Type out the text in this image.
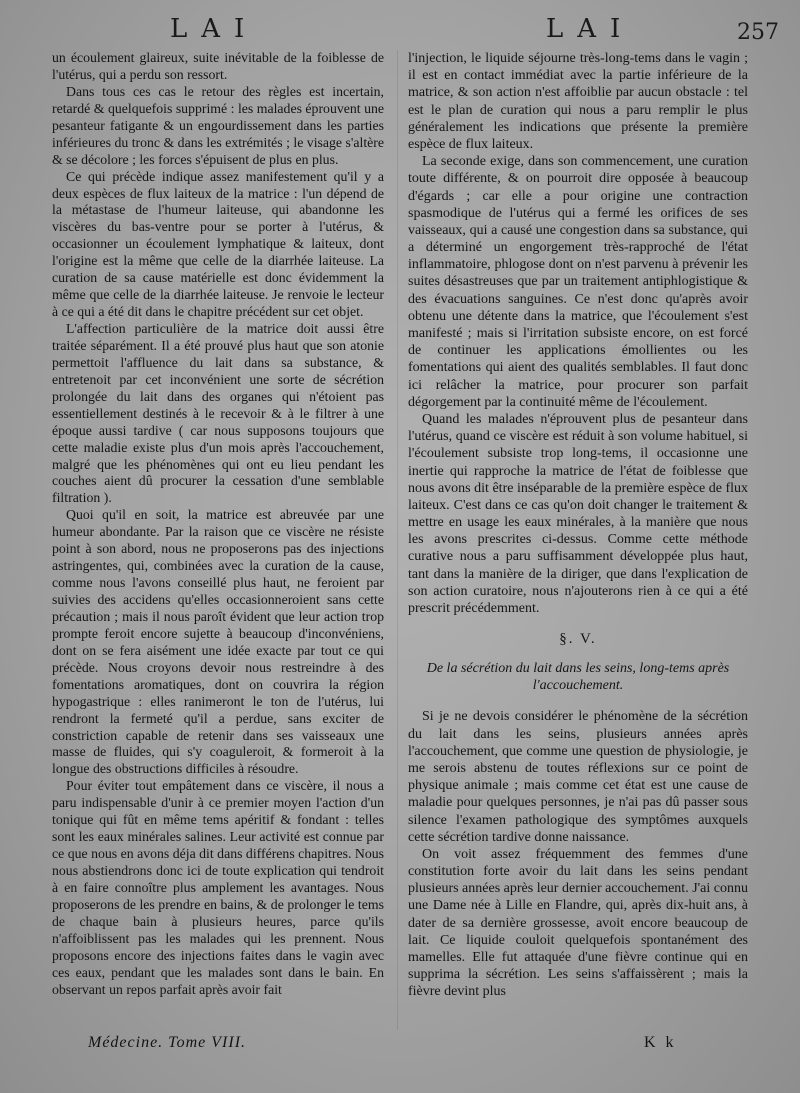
LAI	LAI	257

un écoulement glaireux, suite inévitable de la foiblesse de l'utérus, qui a perdu son ressort.

Dans tous ces cas le retour des règles est incertain, retardé & quelquefois supprimé : les malades éprouvent une pesanteur fatigante & un engourdissement dans les parties inférieures du tronc & dans les extrémités ; le visage s'altère & se décolore ; les forces s'épuisent de plus en plus.

Ce qui précède indique assez manifestement qu'il y a deux espèces de flux laiteux de la matrice : l'un dépend de la métastase de l'humeur laiteuse, qui abandonne les viscères du bas-ventre pour se porter à l'utérus, & occasionner un écoulement lymphatique & laiteux, dont l'origine est la même que celle de la diarrhée laiteuse. La curation de sa cause matérielle est donc évidemment la même que celle de la diarrhée laiteuse. Je renvoie le lecteur à ce qui a été dit dans le chapitre précédent sur cet objet.

L'affection particulière de la matrice doit aussi être traitée séparément. Il a été prouvé plus haut que son atonie permettoit l'affluence du lait dans sa substance, & entretenoit par cet inconvénient une sorte de sécrétion prolongée du lait dans des organes qui n'étoient pas essentiellement destinés à le recevoir & à le filtrer à une époque aussi tardive ( car nous supposons toujours que cette maladie existe plus d'un mois après l'accouchement, malgré que les phénomènes qui ont eu lieu pendant les couches aient dû procurer la cessation d'une semblable filtration ).

Quoi qu'il en soit, la matrice est abreuvée par une humeur abondante. Par la raison que ce viscère ne résiste point à son abord, nous ne proposerons pas des injections astringentes, qui, combinées avec la curation de la cause, comme nous l'avons conseillé plus haut, ne feroient par suivies des accidens qu'elles occasionneroient sans cette précaution ; mais il nous paroît évident que leur action trop prompte feroit encore sujette à beaucoup d'inconvéniens, dont on se fera aisément une idée exacte par tout ce qui précède. Nous croyons devoir nous restreindre à des fomentations aromatiques, dont on couvrira la région hypogastrique : elles ranimeront le ton de l'utérus, lui rendront la fermeté qu'il a perdue, sans exciter de constriction capable de retenir dans ses vaisseaux une masse de fluides, qui s'y coaguleroit, & formeroit à la longue des obstructions difficiles à résoudre.

Pour éviter tout empâtement dans ce viscère, il nous a paru indispensable d'unir à ce premier moyen l'action d'un tonique qui fût en même tems apéritif & fondant : telles sont les eaux minérales salines. Leur activité est connue par ce que nous en avons déja dit dans différens chapitres. Nous nous abstiendrons donc ici de toute explication qui tendroit à en faire connoître plus amplement les avantages. Nous proposerons de les prendre en bains, & de prolonger le tems de chaque bain à plusieurs heures, parce qu'ils n'affoiblissent pas les malades qui les prennent. Nous proposons encore des injections faites dans le vagin avec ces eaux, pendant que les malades sont dans le bain. En observant un repos parfait après avoir fait

l'injection, le liquide séjourne très-long-tems dans le vagin ; il est en contact immédiat avec la partie inférieure de la matrice, & son action n'est affoiblie par aucun obstacle : tel est le plan de curation qui nous a paru remplir le plus généralement les indications que présente la première espèce de flux laiteux.

La seconde exige, dans son commencement, une curation toute différente, & on pourroit dire opposée à beaucoup d'égards ; car elle a pour origine une contraction spasmodique de l'utérus qui a fermé les orifices de ses vaisseaux, qui a causé une congestion dans sa substance, qui a déterminé un engorgement très-rapproché de l'état inflammatoire, phlogose dont on n'est parvenu à prévenir les suites désastreuses que par un traitement antiphlogistique & des évacuations sanguines. Ce n'est donc qu'après avoir obtenu une détente dans la matrice, que l'écoulement s'est manifesté ; mais si l'irritation subsiste encore, on est forcé de continuer les applications émollientes ou les fomentations qui aient des qualités semblables. Il faut donc ici relâcher la matrice, pour procurer son parfait dégorgement par la continuité même de l'écoulement.

Quand les malades n'éprouvent plus de pesanteur dans l'utérus, quand ce viscère est réduit à son volume habituel, si l'écoulement subsiste trop long-tems, il occasionne une inertie qui rapproche la matrice de l'état de foiblesse que nous avons dit être inséparable de la première espèce de flux laiteux. C'est dans ce cas qu'on doit changer le traitement & mettre en usage les eaux minérales, à la manière que nous les avons prescrites ci-dessus. Comme cette méthode curative nous a paru suffisamment développée plus haut, tant dans la manière de la diriger, que dans l'explication de son action curatoire, nous n'ajouterons rien à ce qui a été prescrit précédemment.

§. V.
De la sécrétion du lait dans les seins, long-tems après l'accouchement.

Si je ne devois considérer le phénomène de la sécrétion du lait dans les seins, plusieurs années après l'accouchement, que comme une question de physiologie, je me serois abstenu de toutes réflexions sur ce point de physique animale ; mais comme cet état est une cause de maladie pour quelques personnes, je n'ai pas dû passer sous silence l'examen pathologique des symptômes auxquels cette sécrétion tardive donne naissance.

On voit assez fréquemment des femmes d'une constitution forte avoir du lait dans les seins pendant plusieurs années après leur dernier accouchement. J'ai connu une Dame née à Lille en Flandre, qui, après dix-huit ans, à dater de sa dernière grossesse, avoit encore beaucoup de lait. Ce liquide couloit quelquefois spontanément des mamelles. Elle fut attaquée d'une fièvre continue qui en supprima la sécrétion. Les seins s'affaissèrent ; mais la fièvre devint plus

Médecine. Tome VIII.	K k
